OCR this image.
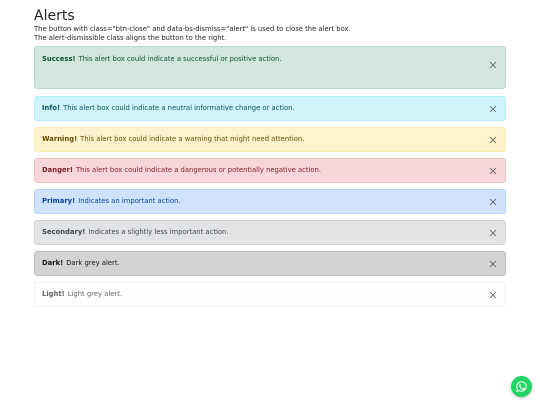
Alerts

The button with class="btn-close" and data-bs-dismiss="alert" is used to close the alert box.

The alert-dismissible class aligns the button to the right.

Success! This alert box could indicate a successful or positive action.
Info! This alert box could indicate a neutral informative change or action.
Warning! This alert box could indicate a warning that might need attention.
Danger! This alert box could indicate a dangerous or potentially negative action.
Primary! Indicates an important action.
Secondary! Indicates a slightly less important action.
Dark! Dark grey alert.
Light! Light grey alert.
